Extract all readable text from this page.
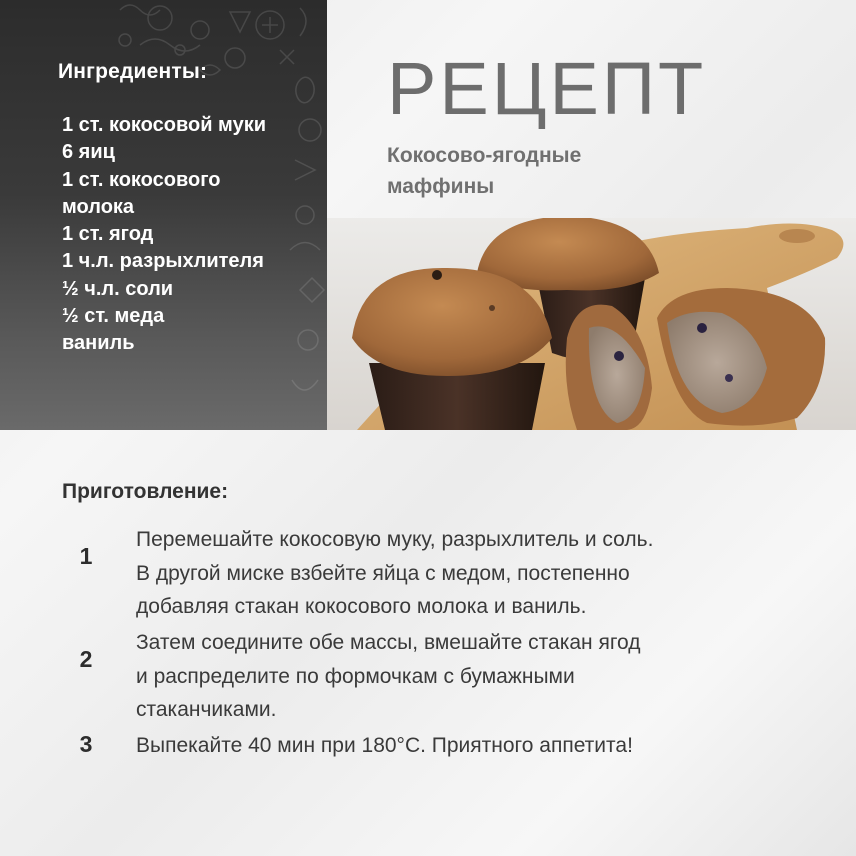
Ингредиенты:
1 ст. кокосовой муки
6 яиц
1 ст. кокосового
молока
1 ст. ягод
1 ч.л. разрыхлителя
½ ч.л. соли
½ ст. меда
ваниль
РЕЦЕПТ

Кокосово-ягодные
маффины

Приготовление:
1

Перемешайте кокосовую муку, разрыхлитель и соль.
В другой миске взбейте яйца с медом, постепенно
добавляя стакан кокосового молока и ваниль.

2

Затем соедините обе массы, вмешайте стакан ягод
и распределите по формочкам с бумажными
стаканчиками.

3 Выпекайте 40 мин при 180°C. Приятного аппетита!
